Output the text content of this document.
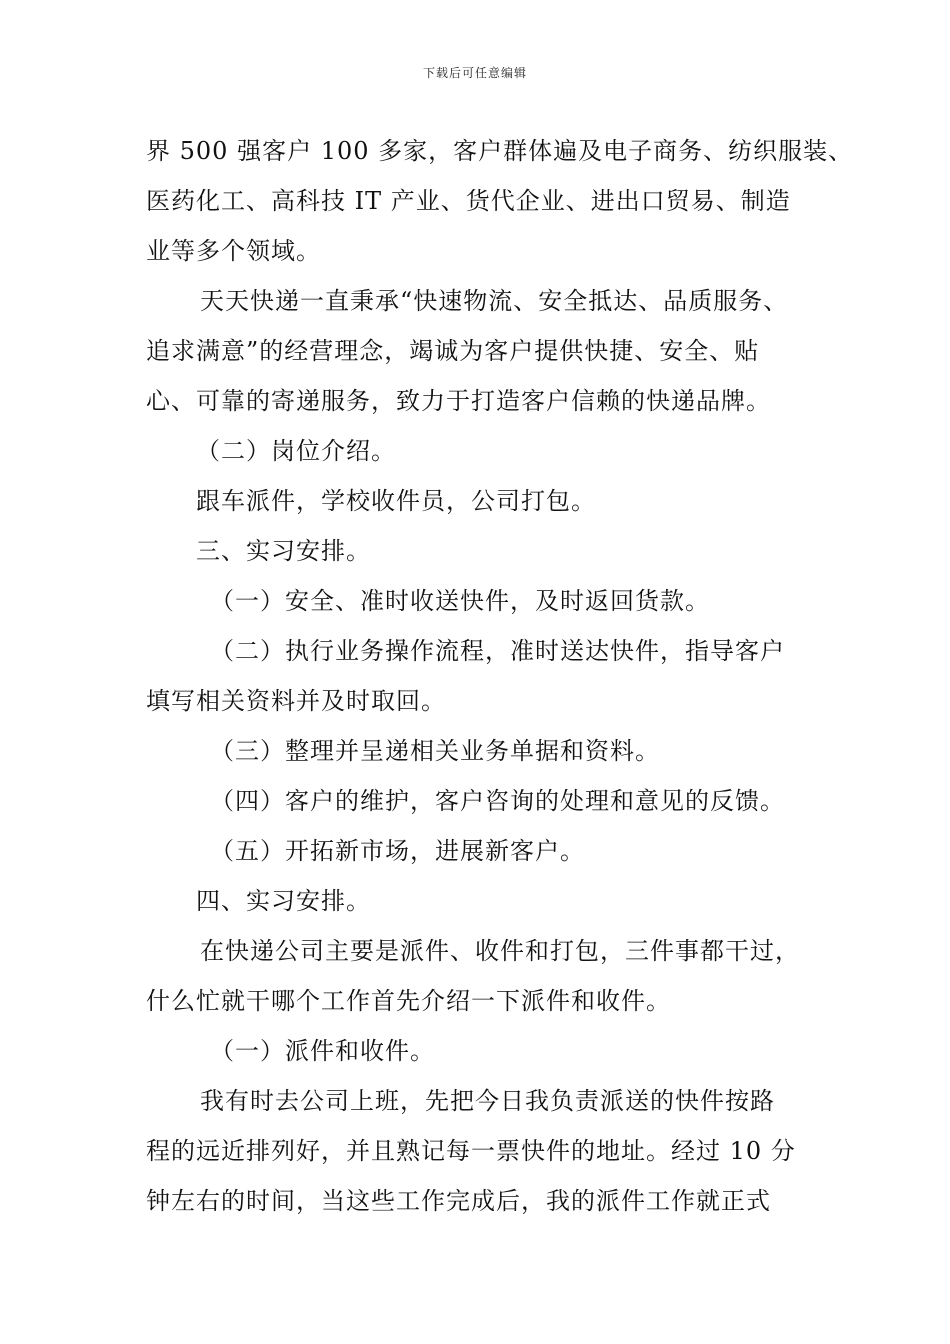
下载后可任意编辑
界 500 强客户 100 多家，客户群体遍及电子商务、纺织服装、
医药化工、高科技 IT 产业、货代企业、进出口贸易、制造
业等多个领域。
天天快递一直秉承“快速物流、安全抵达、品质服务、
追求满意”的经营理念，竭诚为客户提供快捷、安全、贴
心、可靠的寄递服务，致力于打造客户信赖的快递品牌。
（二）岗位介绍。
跟车派件，学校收件员，公司打包。
三、实习安排。
（一）安全、准时收送快件，及时返回货款。
（二）执行业务操作流程，准时送达快件，指导客户
填写相关资料并及时取回。
（三）整理并呈递相关业务单据和资料。
（四）客户的维护，客户咨询的处理和意见的反馈。
（五）开拓新市场，进展新客户。
四、实习安排。
在快递公司主要是派件、收件和打包，三件事都干过，
什么忙就干哪个工作首先介绍一下派件和收件。
（一）派件和收件。
我有时去公司上班，先把今日我负责派送的快件按路
程的远近排列好，并且熟记每一票快件的地址。经过 10 分
钟左右的时间，当这些工作完成后，我的派件工作就正式
